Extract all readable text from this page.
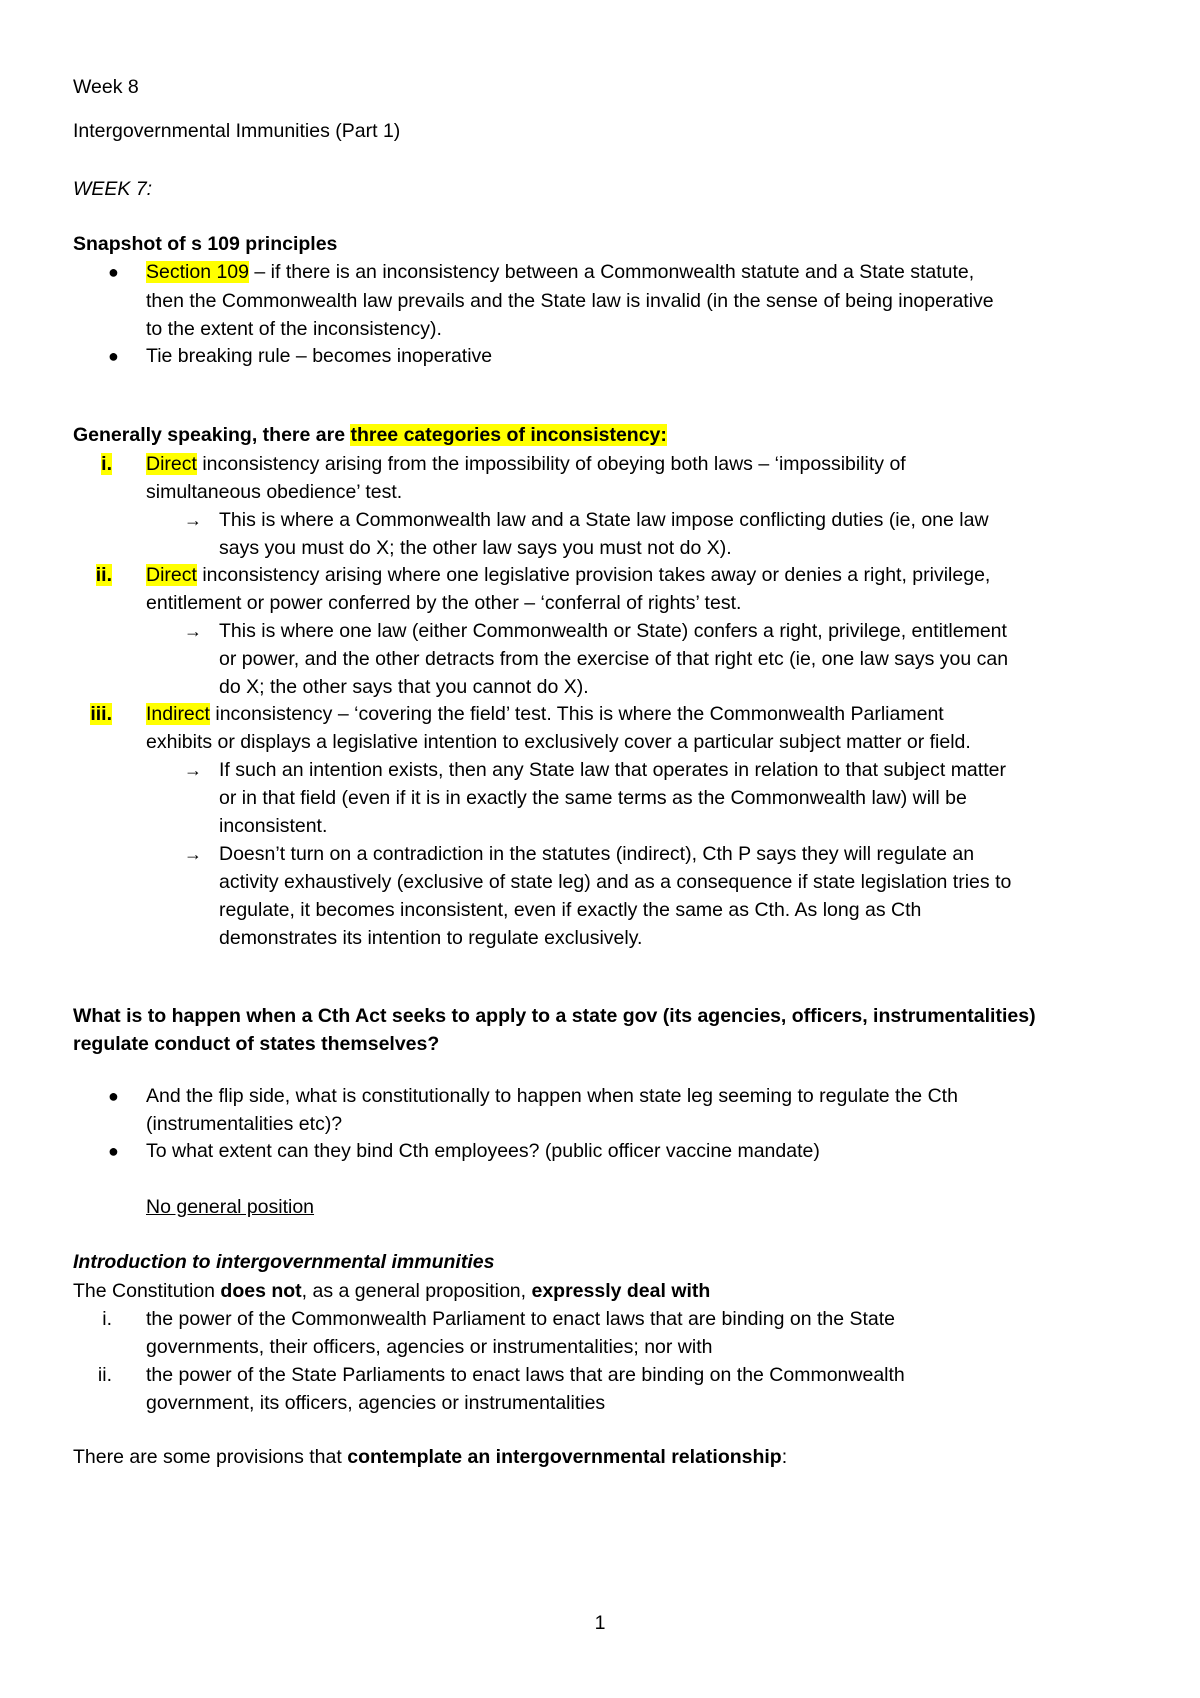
Week 8
Intergovernmental Immunities (Part 1)
WEEK 7:
Snapshot of s 109 principles
● Section 109 – if there is an inconsistency between a Commonwealth statute and a State statute,
then the Commonwealth law prevails and the State law is invalid (in the sense of being inoperative
to the extent of the inconsistency).
● Tie breaking rule – becomes inoperative
Generally speaking, there are three categories of inconsistency:
i. Direct inconsistency arising from the impossibility of obeying both laws – ‘impossibility of
simultaneous obedience’ test.
→ This is where a Commonwealth law and a State law impose conflicting duties (ie, one law
says you must do X; the other law says you must not do X).
ii. Direct inconsistency arising where one legislative provision takes away or denies a right, privilege,
entitlement or power conferred by the other – ‘conferral of rights’ test.
→ This is where one law (either Commonwealth or State) confers a right, privilege, entitlement
or power, and the other detracts from the exercise of that right etc (ie, one law says you can
do X; the other says that you cannot do X).
iii. Indirect inconsistency – ‘covering the field’ test. This is where the Commonwealth Parliament
exhibits or displays a legislative intention to exclusively cover a particular subject matter or field.
→ If such an intention exists, then any State law that operates in relation to that subject matter
or in that field (even if it is in exactly the same terms as the Commonwealth law) will be
inconsistent.
→ Doesn’t turn on a contradiction in the statutes (indirect), Cth P says they will regulate an
activity exhaustively (exclusive of state leg) and as a consequence if state legislation tries to
regulate, it becomes inconsistent, even if exactly the same as Cth. As long as Cth
demonstrates its intention to regulate exclusively.
What is to happen when a Cth Act seeks to apply to a state gov (its agencies, officers, instrumentalities)
regulate conduct of states themselves?
● And the flip side, what is constitutionally to happen when state leg seeming to regulate the Cth
(instrumentalities etc)?
● To what extent can they bind Cth employees? (public officer vaccine mandate)
No general position
Introduction to intergovernmental immunities
The Constitution does not, as a general proposition, expressly deal with
i. the power of the Commonwealth Parliament to enact laws that are binding on the State
governments, their officers, agencies or instrumentalities; nor with
ii. the power of the State Parliaments to enact laws that are binding on the Commonwealth
government, its officers, agencies or instrumentalities
There are some provisions that contemplate an intergovernmental relationship:
1
